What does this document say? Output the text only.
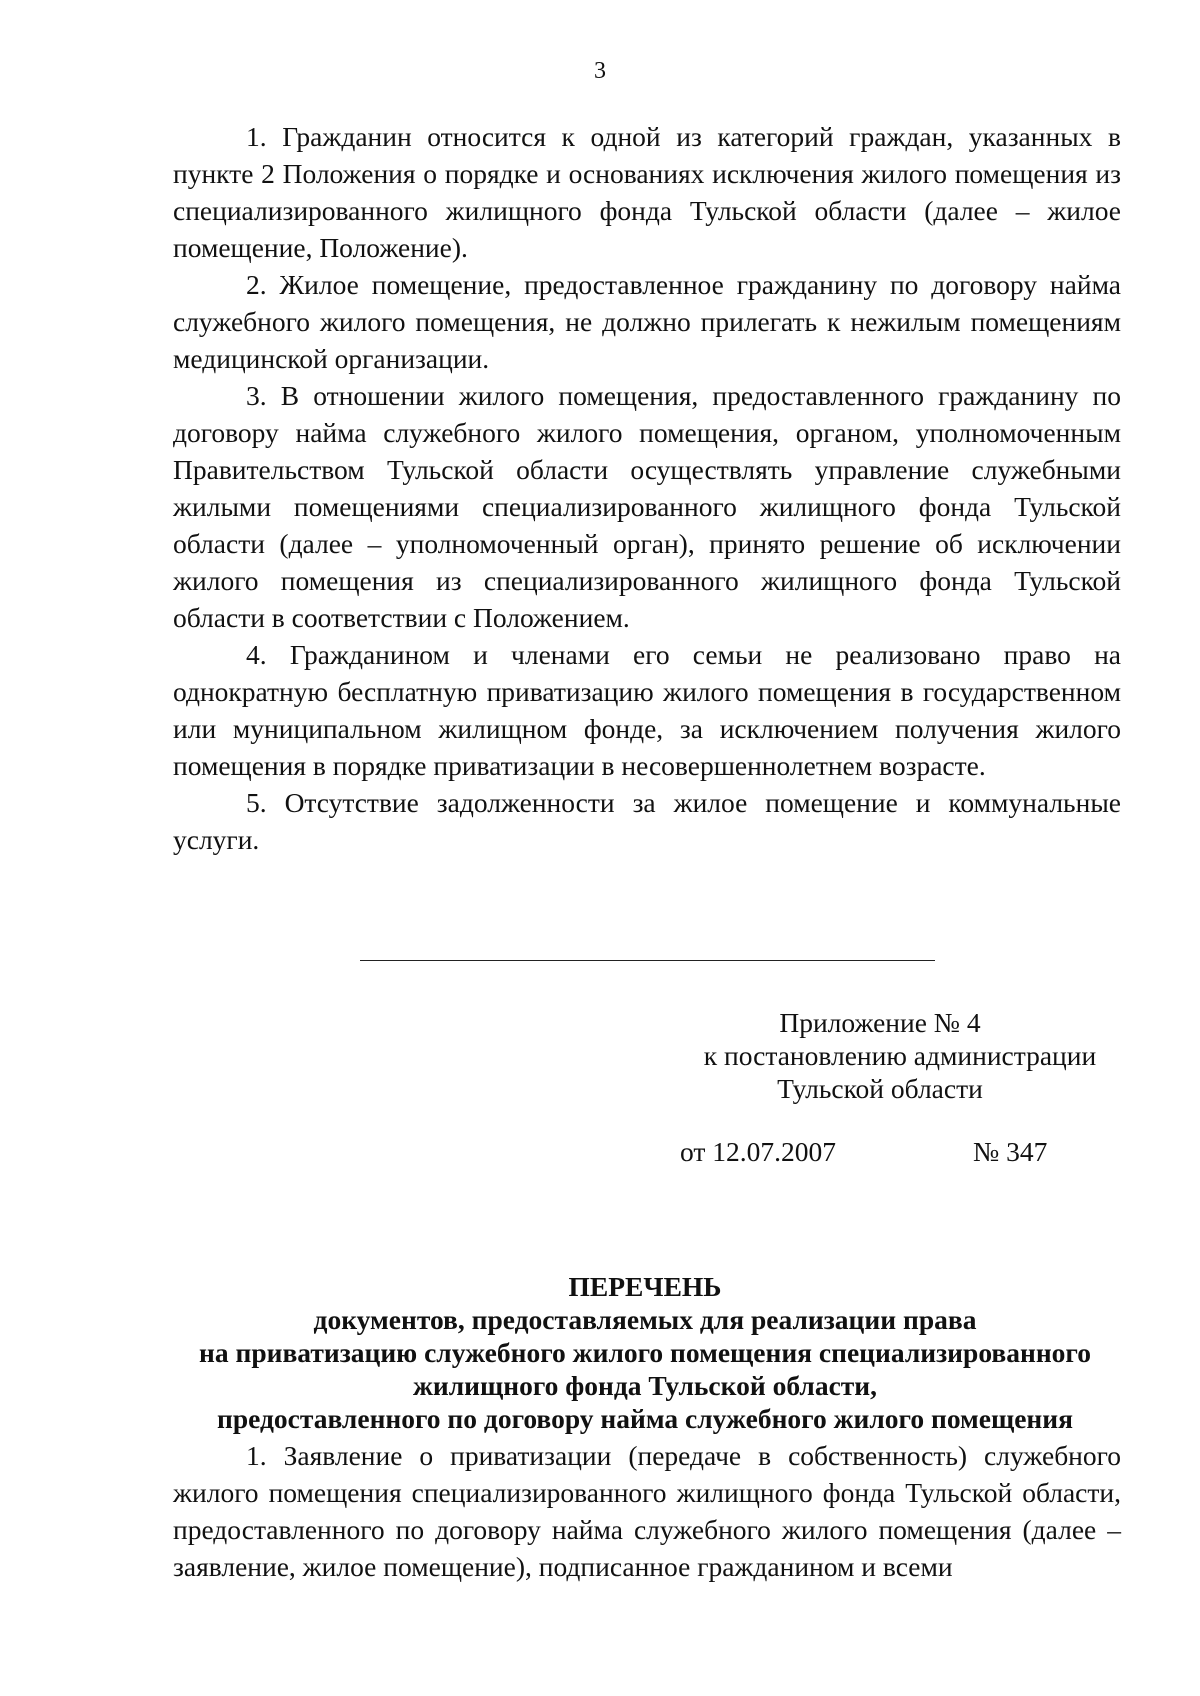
3

1. Гражданин относится к одной из категорий граждан, указанных в пункте 2 Положения о порядке и основаниях исключения жилого помещения из специализированного жилищного фонда Тульской области (далее – жилое помещение, Положение).

2. Жилое помещение, предоставленное гражданину по договору найма служебного жилого помещения, не должно прилегать к нежилым помещениям медицинской организации.

3. В отношении жилого помещения, предоставленного гражданину по договору найма служебного жилого помещения, органом, уполномоченным Правительством Тульской области осуществлять управление служебными жилыми помещениями специализированного жилищного фонда Тульской области (далее – уполномоченный орган), принято решение об исключении жилого помещения из специализированного жилищного фонда Тульской области в соответствии с Положением.

4. Гражданином и членами его семьи не реализовано право на однократную бесплатную приватизацию жилого помещения в государственном или муниципальном жилищном фонде, за исключением получения жилого помещения в порядке приватизации в несовершеннолетнем возрасте.

5. Отсутствие задолженности за жилое помещение и коммунальные услуги.

Приложение № 4
к постановлению администрации
Тульской области
от 12.07.2007	№ 347
ПЕРЕЧЕНЬ
документов, предоставляемых для реализации права
на приватизацию служебного жилого помещения специализированного
жилищного фонда Тульской области,
предоставленного по договору найма служебного жилого помещения

1. Заявление о приватизации (передаче в собственность) служебного жилого помещения специализированного жилищного фонда Тульской области, предоставленного по договору найма служебного жилого помещения (далее – заявление, жилое помещение), подписанное гражданином и всеми
